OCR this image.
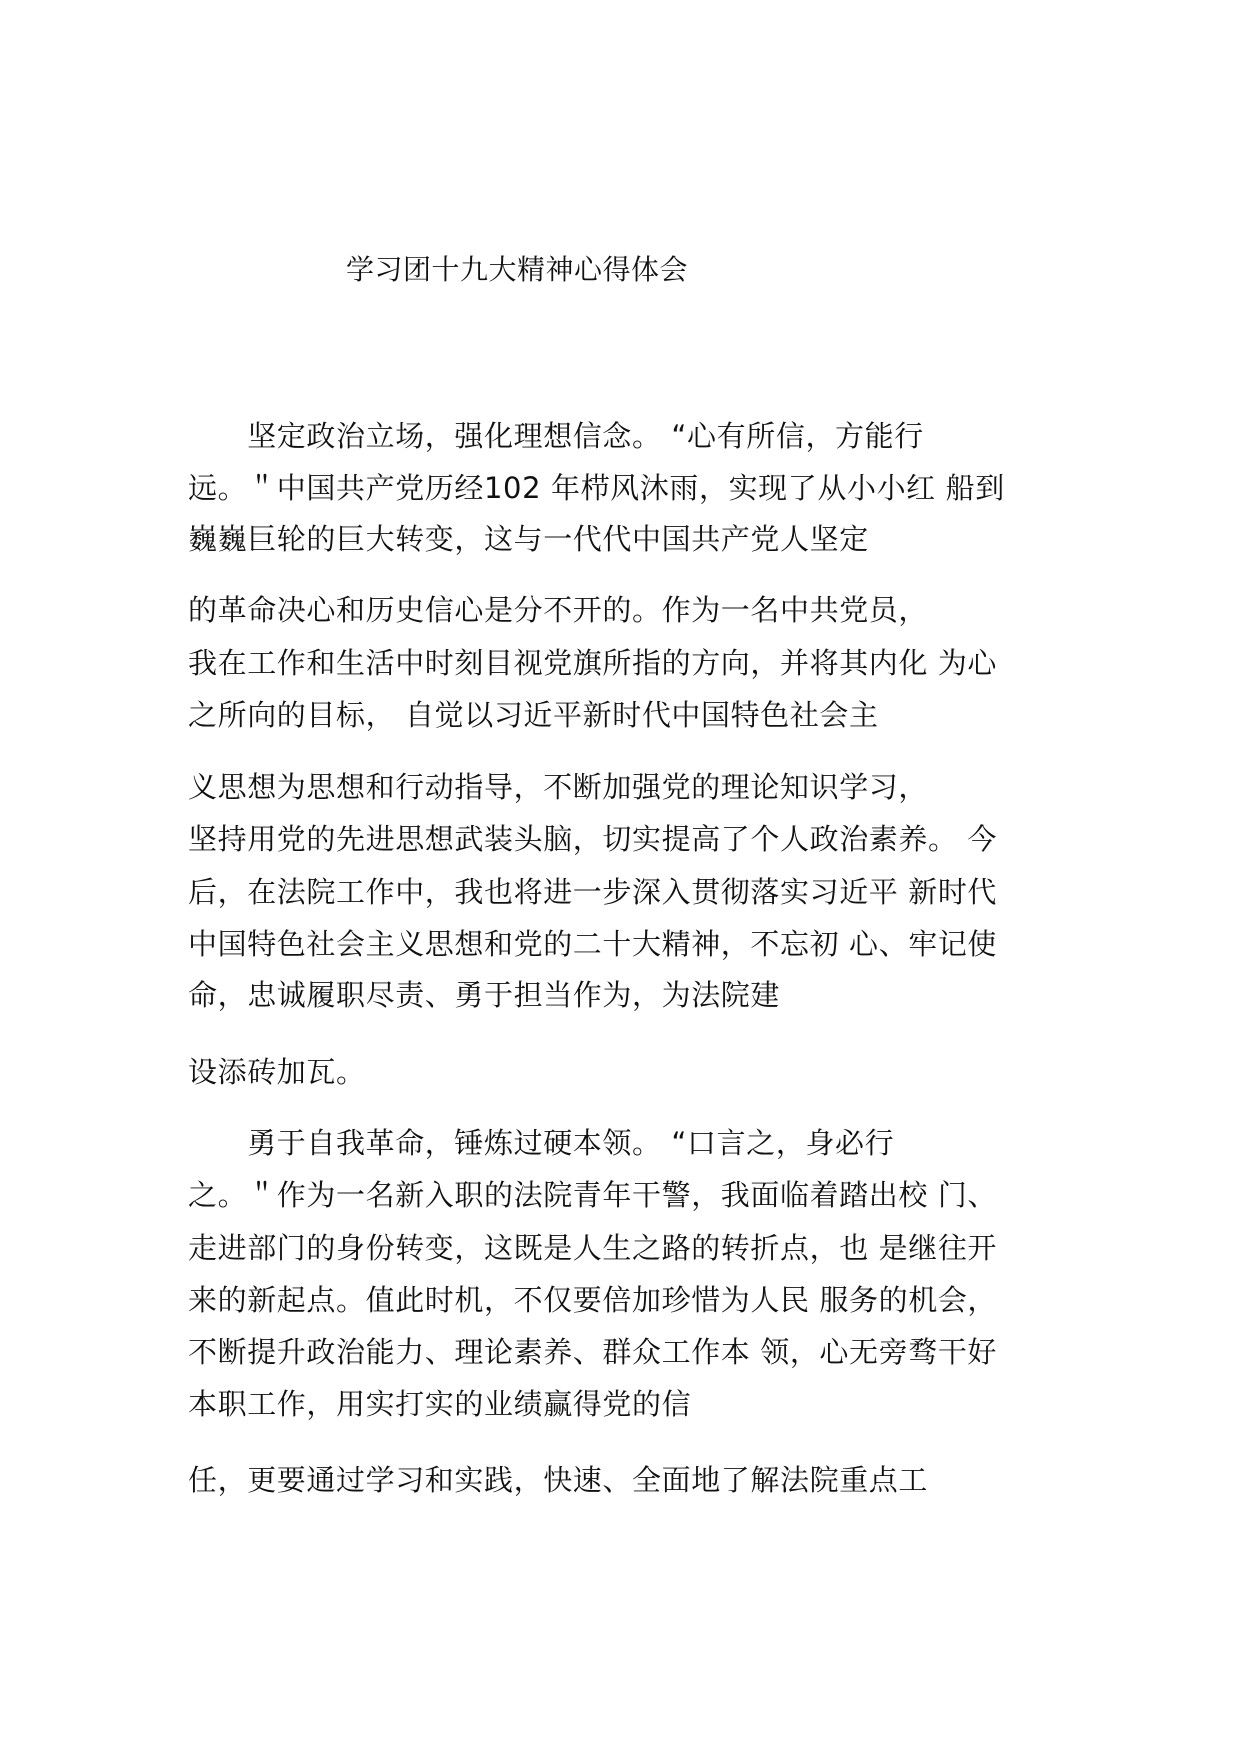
学习团十九大精神心得体会
　　坚定政治立场，强化理想信念。 “心有所信，方能行
远。＂中国共产党历经102 年栉风沐雨，实现了从小小红 船到
巍巍巨轮的巨大转变，这与一代代中国共产党人坚定
的革命决心和历史信心是分不开的。作为一名中共党员，
我在工作和生活中时刻目视党旗所指的方向，并将其内化 为心
之所向的目标， 自觉以习近平新时代中国特色社会主
义思想为思想和行动指导，不断加强党的理论知识学习，
坚持用党的先进思想武装头脑，切实提高了个人政治素养。 今
后，在法院工作中，我也将进一步深入贯彻落实习近平 新时代
中国特色社会主义思想和党的二十大精神，不忘初 心、牢记使
命，忠诚履职尽责、勇于担当作为，为法院建
设添砖加瓦。
　　勇于自我革命，锤炼过硬本领。 “口言之，身必行
之。＂作为一名新入职的法院青年干警，我面临着踏出校 门、
走进部门的身份转变，这既是人生之路的转折点，也 是继往开
来的新起点。值此时机，不仅要倍加珍惜为人民 服务的机会，
不断提升政治能力、理论素养、群众工作本 领，心无旁骛干好
本职工作，用实打实的业绩赢得党的信
任，更要通过学习和实践，快速、全面地了解法院重点工
